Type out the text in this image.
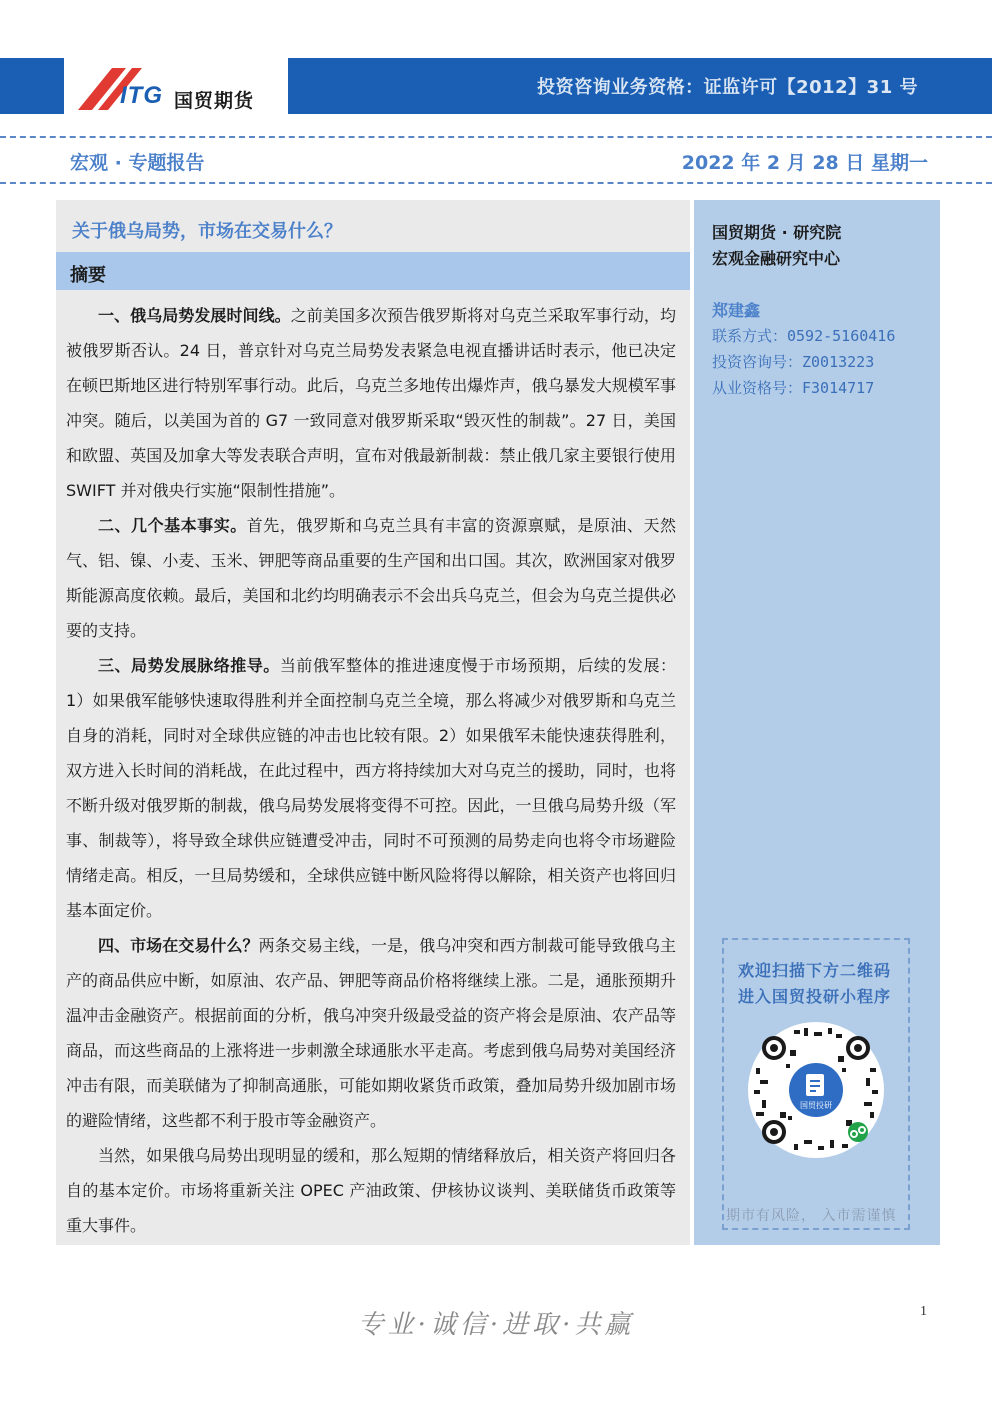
ITG 国贸期货
投资咨询业务资格：证监许可【2012】31 号
宏观 · 专题报告	2022 年 2 月 28 日 星期一
关于俄乌局势，市场在交易什么？
摘要

一、俄乌局势发展时间线。之前美国多次预告俄罗斯将对乌克兰采取军事行动，均被俄罗斯否认。24 日，普京针对乌克兰局势发表紧急电视直播讲话时表示，他已决定在顿巴斯地区进行特别军事行动。此后，乌克兰多地传出爆炸声，俄乌暴发大规模军事冲突。随后，以美国为首的 G7 一致同意对俄罗斯采取“毁灭性的制裁”。27 日，美国和欧盟、英国及加拿大等发表联合声明，宣布对俄最新制裁：禁止俄几家主要银行使用 SWIFT 并对俄央行实施“限制性措施”。

二、几个基本事实。首先，俄罗斯和乌克兰具有丰富的资源禀赋，是原油、天然气、铝、镍、小麦、玉米、钾肥等商品重要的生产国和出口国。其次，欧洲国家对俄罗斯能源高度依赖。最后，美国和北约均明确表示不会出兵乌克兰，但会为乌克兰提供必要的支持。

三、局势发展脉络推导。当前俄军整体的推进速度慢于市场预期，后续的发展：1）如果俄军能够快速取得胜利并全面控制乌克兰全境，那么将减少对俄罗斯和乌克兰自身的消耗，同时对全球供应链的冲击也比较有限。2）如果俄军未能快速获得胜利，双方进入长时间的消耗战，在此过程中，西方将持续加大对乌克兰的援助，同时，也将不断升级对俄罗斯的制裁，俄乌局势发展将变得不可控。因此，一旦俄乌局势升级（军事、制裁等），将导致全球供应链遭受冲击，同时不可预测的局势走向也将令市场避险情绪走高。相反，一旦局势缓和，全球供应链中断风险将得以解除，相关资产也将回归基本面定价。

四、市场在交易什么？两条交易主线，一是，俄乌冲突和西方制裁可能导致俄乌主产的商品供应中断，如原油、农产品、钾肥等商品价格将继续上涨。二是，通胀预期升温冲击金融资产。根据前面的分析，俄乌冲突升级最受益的资产将会是原油、农产品等商品，而这些商品的上涨将进一步刺激全球通胀水平走高。考虑到俄乌局势对美国经济冲击有限，而美联储为了抑制高通胀，可能如期收紧货币政策，叠加局势升级加剧市场的避险情绪，这些都不利于股市等金融资产。

当然，如果俄乌局势出现明显的缓和，那么短期的情绪释放后，相关资产将回归各自的基本定价。市场将重新关注 OPEC 产油政策、伊核协议谈判、美联储货币政策等重大事件。

国贸期货 · 研究院
宏观金融研究中心
郑建鑫
联系方式：0592-5160416
投资咨询号：Z0013223
从业资格号：F3014717
欢迎扫描下方二维码
进入国贸投研小程序
国贸投研
期市有风险， 入市需谨慎
专业·诚信·进取·共赢	1
